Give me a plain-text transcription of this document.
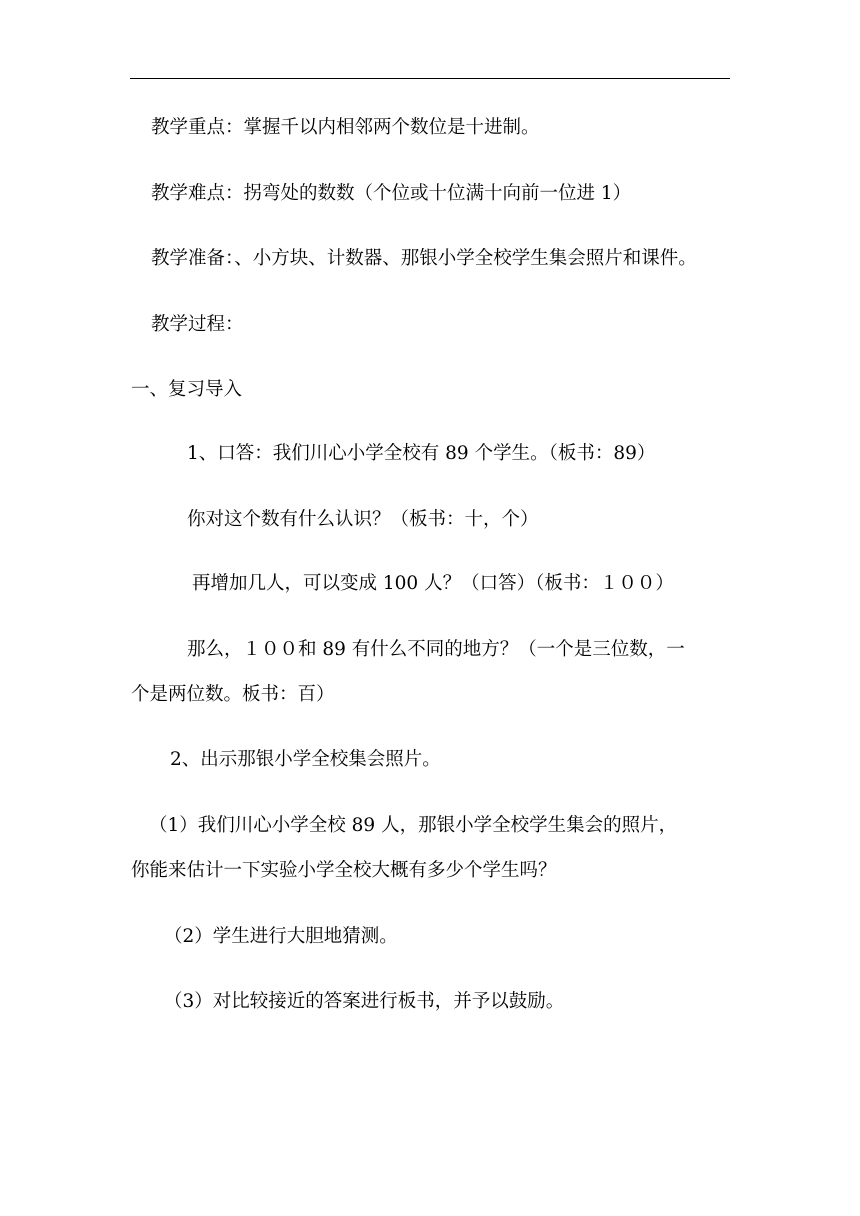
教学重点：掌握千以内相邻两个数位是十进制。
教学难点：拐弯处的数数（个位或十位满十向前一位进 1）
教学准备：、小方块、计数器、那银小学全校学生集会照片和课件。
教学过程：
一、复习导入
1、口答：我们川心小学全校有 89 个学生。（板书：89）
你对这个数有什么认识？（板书：十，个）
再增加几人，可以变成 100 人？（口答）（板书：１００）
那么，１００和 89 有什么不同的地方？（一个是三位数，一
个是两位数。板书：百）
2、出示那银小学全校集会照片。
（1）我们川心小学全校 89 人，那银小学全校学生集会的照片，
你能来估计一下实验小学全校大概有多少个学生吗？
（2）学生进行大胆地猜测。
（3）对比较接近的答案进行板书，并予以鼓励。
